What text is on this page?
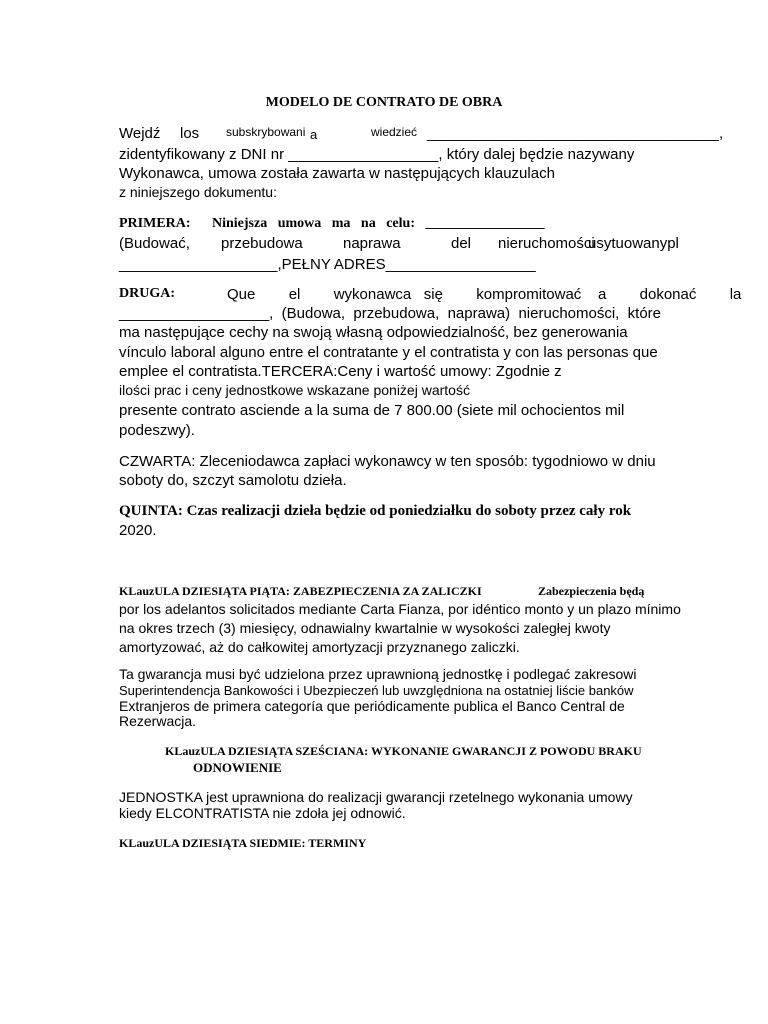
MODELO DE CONTRATO DE OBRA
Wejdź los subskrybowani a	wiedzieć ___________________________________,
zidentyfikowany z DNI nr __________________, który dalej będzie nazywany
Wykonawca, umowa została zawarta w następujących klauzulach
z niniejszego dokumentu:
PRIMERA: Niniejsza   umowa   ma   na   celu:   _________________
(Budować, przebudowa	naprawa	del nieruchomości
usytuowanypl
___________________,PEŁNY ADRES__________________
DRUGA:	Que        el        wykonawca   się        kompromitować    a        dokonać        la
__________________,  (Budowa,  przebudowa,  naprawa)  nieruchomości,  które
ma następujące cechy na swoją własną odpowiedzialność, bez generowania
vínculo laboral alguno entre el contratante y el contratista y con las personas que
emplee el contratista.TERCERA:Ceny i wartość umowy: Zgodnie z
ilości prac i ceny jednostkowe wskazane poniżej wartość
presente contrato asciende a la suma de 7 800.00 (siete mil ochocientos mil
podeszwy).
CZWARTA: Zleceniodawca zapłaci wykonawcy w ten sposób: tygodniowo w dniu
soboty do, szczyt samolotu dzieła.
QUINTA: Czas realizacji dzieła będzie od poniedziałku do soboty przez cały rok
2020.
KLauzULA DZIESIĄTA PIĄTA: ZABEZPIECZENIA ZA ZALICZKI	Zabezpieczenia będą
por los adelantos solicitados mediante Carta Fianza, por idéntico monto y un plazo mínimo
na okres trzech (3) miesięcy, odnawialny kwartalnie w wysokości zaległej kwoty
amortyzować, aż do całkowitej amortyzacji przyznanego zaliczki.
Ta gwarancja musi być udzielona przez uprawnioną jednostkę i podlegać zakresowi
Superintendencja Bankowości i Ubezpieczeń lub uwzględniona na ostatniej liście banków
Extranjeros de primera categoría que periódicamente publica el Banco Central de
Rezerwacja.
KLauzULA DZIESIĄTA SZEŚCIANA: WYKONANIE GWARANCJI Z POWODU BRAKU
ODNOWIENIE
JEDNOSTKA jest uprawniona do realizacji gwarancji rzetelnego wykonania umowy
kiedy ELCONTRATISTA nie zdoła jej odnowić.
KLauzULA DZIESIĄTA SIEDMIE: TERMINY
